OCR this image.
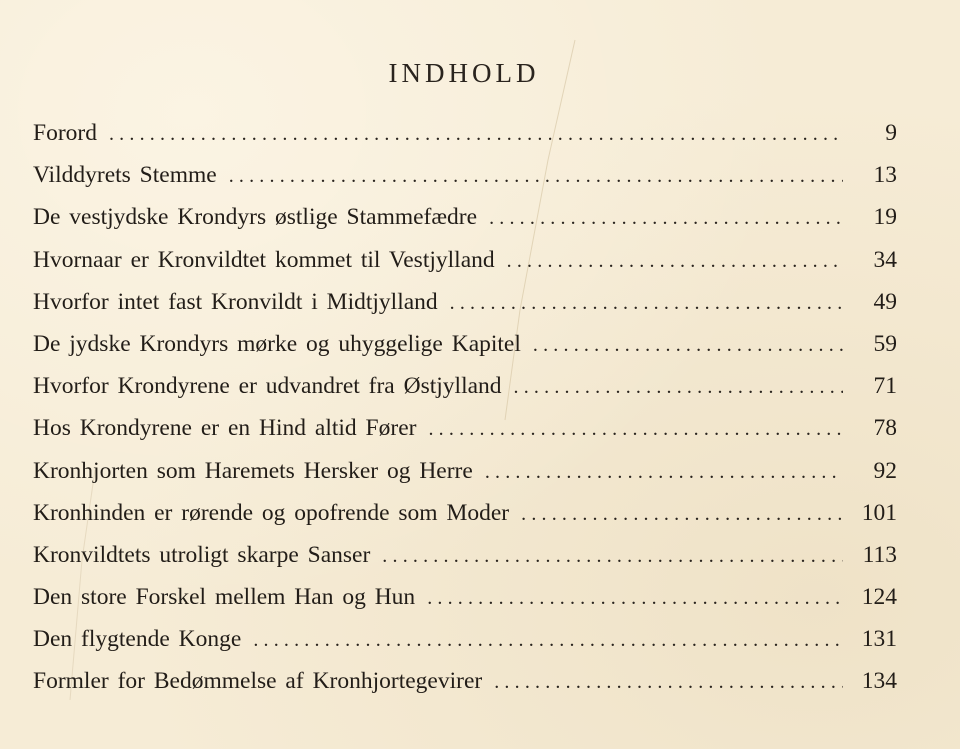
INDHOLD
Forord .....	9
Vilddyrets Stemme .....	13
De vestjydske Krondyrs østlige Stammefædre .....	19
Hvornaar er Kronvildtet kommet til Vestjylland .....	34
Hvorfor intet fast Kronvildt i Midtjylland .....	49
De jydske Krondyrs mørke og uhyggelige Kapitel .....	59
Hvorfor Krondyrene er udvandret fra Østjylland .....	71
Hos Krondyrene er en Hind altid Fører .....	78
Kronhjorten som Haremets Hersker og Herre .....	92
Kronhinden er rørende og opofrende som Moder .....	101
Kronvildtets utroligt skarpe Sanser .....	113
Den store Forskel mellem Han og Hun .....	124
Den flygtende Konge .....	131
Formler for Bedømmelse af Kronhjortegevirer .....	134
